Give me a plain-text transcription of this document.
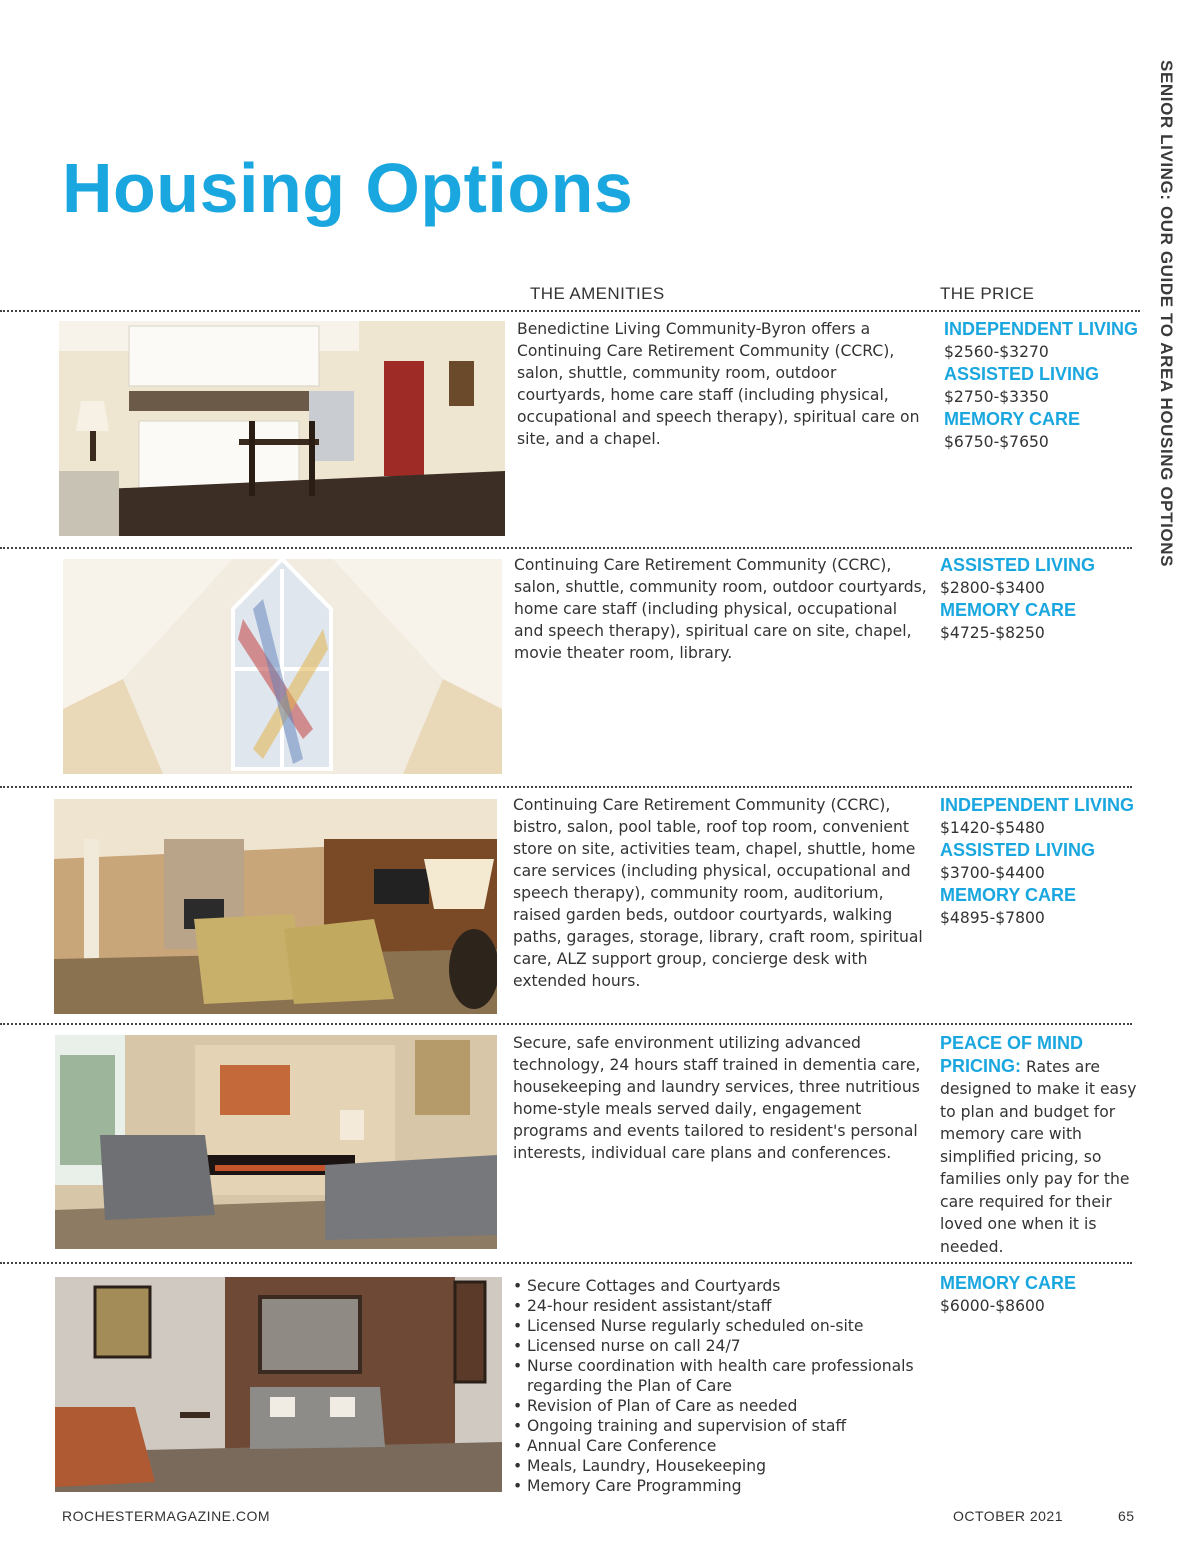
Housing Options	SENIOR LIVING: OUR GUIDE TO AREA HOUSING OPTIONS
THE AMENITIES	THE PRICE

Benedictine Living Community-Byron offers a Continuing Care Retirement Community (CCRC), salon, shuttle, community room, outdoor courtyards, home care staff (including physical, occupational and speech therapy), spiritual care on site, and a chapel.

INDEPENDENT LIVING
$2560-$3270
ASSISTED LIVING
$2750-$3350
MEMORY CARE
$6750-$7650

Continuing Care Retirement Community (CCRC), salon, shuttle, community room, outdoor courtyards, home care staff (including physical, occupational and speech therapy), spiritual care on site, chapel, movie theater room, library.

ASSISTED LIVING
$2800-$3400
MEMORY CARE
$4725-$8250

Continuing Care Retirement Community (CCRC), bistro, salon, pool table, roof top room, convenient store on site, activities team, chapel, shuttle, home care services (including physical, occupational and speech therapy), community room, auditorium, raised garden beds, outdoor courtyards, walking paths, garages, storage, library, craft room, spiritual care, ALZ support group, concierge desk with extended hours.

INDEPENDENT LIVING
$1420-$5480
ASSISTED LIVING
$3700-$4400
MEMORY CARE
$4895-$7800

Secure, safe environment utilizing advanced technology, 24 hours staff trained in dementia care, housekeeping and laundry services, three nutritious home-style meals served daily, engagement programs and events tailored to resident's personal interests, individual care plans and conferences.

PEACE OF MIND
PRICING: Rates are designed to make it easy to plan and budget for memory care with simplified pricing, so families only pay for the care required for their loved one when it is needed.
• Secure Cottages and Courtyards
• 24-hour resident assistant/staff
• Licensed Nurse regularly scheduled on-site
• Licensed nurse on call 24/7
• Nurse coordination with health care professionals regarding the Plan of Care
• Revision of Plan of Care as needed
• Ongoing training and supervision of staff
• Annual Care Conference
• Meals, Laundry, Housekeeping
• Memory Care Programming
MEMORY CARE
$6000-$8600
ROCHESTERMAGAZINE.COM	OCTOBER 2021	65
